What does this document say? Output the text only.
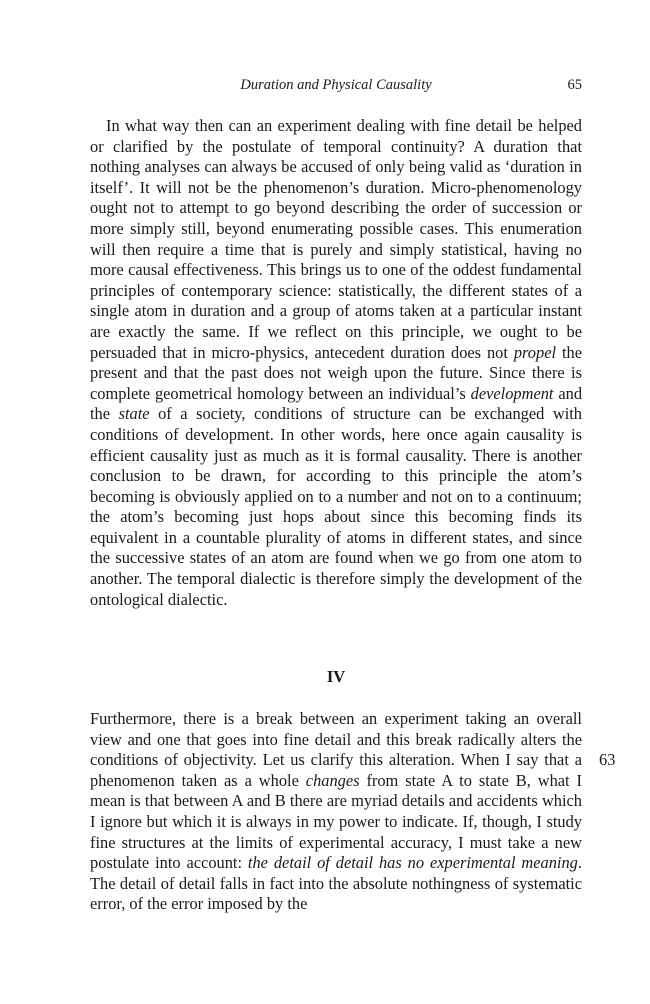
Duration and Physical Causality	65

In what way then can an experiment dealing with fine detail be helped or clarified by the postulate of temporal continuity? A duration that nothing analyses can always be accused of only being valid as ‘duration in itself’. It will not be the phenomenon’s duration. Micro-phenomenology ought not to attempt to go beyond describing the order of succession or more simply still, beyond enumerating possible cases. This enumeration will then require a time that is purely and simply statistical, having no more causal effectiveness. This brings us to one of the oddest fundamental principles of contemporary science: statistically, the different states of a single atom in duration and a group of atoms taken at a particular instant are exactly the same. If we reflect on this principle, we ought to be persuaded that in micro-physics, antecedent duration does not propel the present and that the past does not weigh upon the future. Since there is complete geometrical homology between an individual’s development and the state of a society, conditions of structure can be exchanged with conditions of development. In other words, here once again causality is efficient causality just as much as it is formal causality. There is another conclusion to be drawn, for according to this principle the atom’s becoming is obviously applied on to a number and not on to a continuum; the atom’s becoming just hops about since this becoming finds its equivalent in a countable plurality of atoms in different states, and since the successive states of an atom are found when we go from one atom to another. The temporal dialectic is therefore simply the development of the ontological dialectic.

IV

Furthermore, there is a break between an experiment taking an overall view and one that goes into fine detail and this break radically alters the conditions of objectivity. Let us clarify this alteration. When I say that a phenomenon taken as a whole changes from state A to state B, what I mean is that between A and B there are myriad details and accidents which I ignore but which it is always in my power to indicate. If, though, I study fine structures at the limits of experimental accuracy, I must take a new postulate into account: the detail of detail has no experimental meaning. The detail of detail falls in fact into the absolute nothingness of systematic error, of the error imposed by the

63
